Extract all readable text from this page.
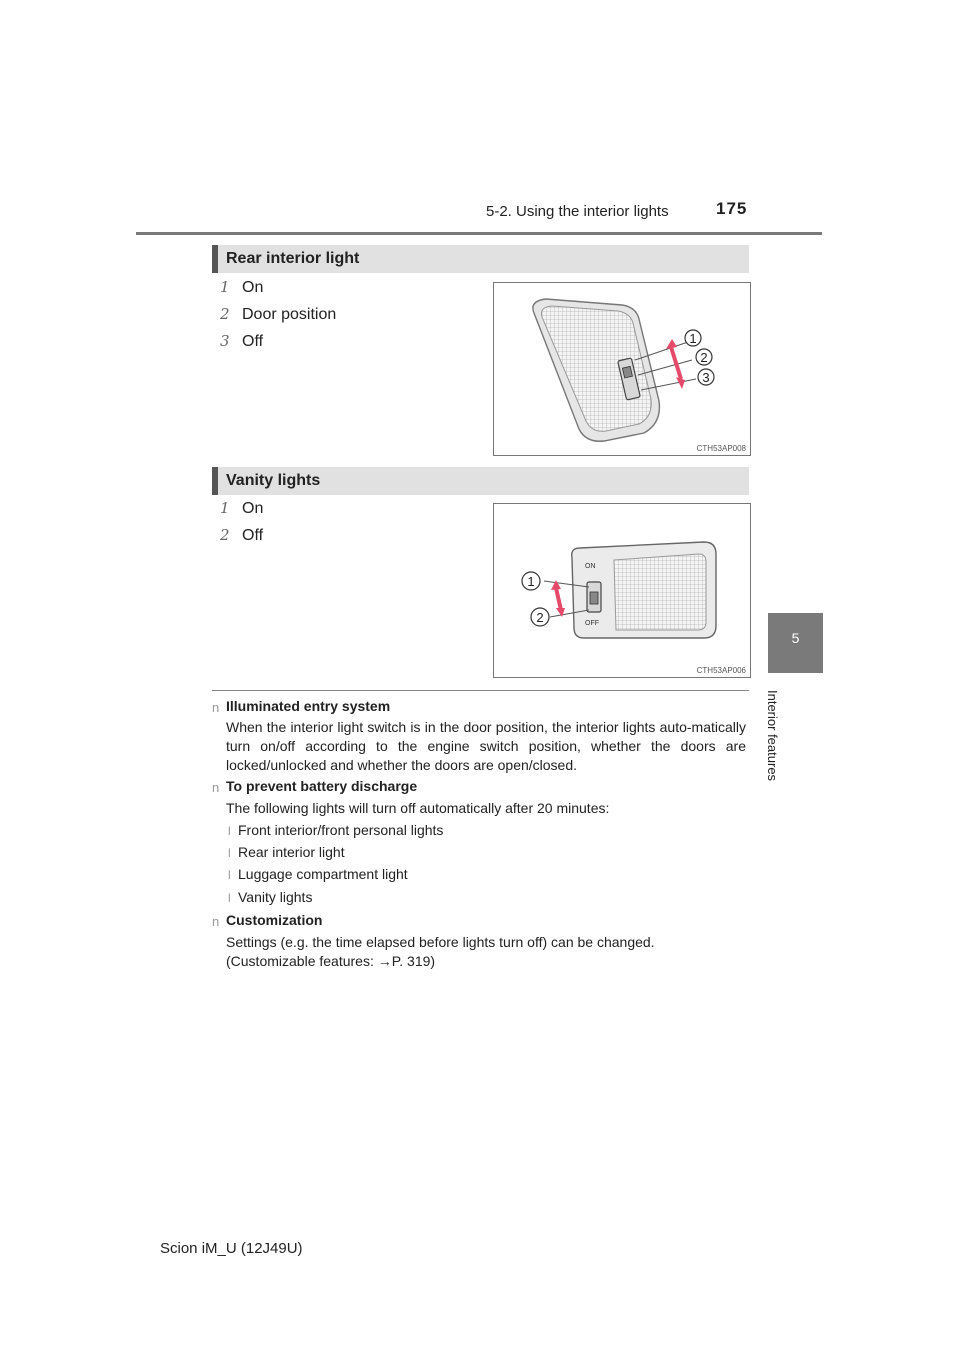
5-2. Using the interior lights	175
5
Interior features
Rear interior light
1 On
2 Door position
3 Off	1
2
3
CTH53AP008
Vanity lights
1 On
2 Off
ON
OFF
1
2
CTH53AP006
n Illuminated entry system
When the interior light switch is in the door position, the interior lights auto-matically turn on/off according to the engine switch position, whether the doors are locked/unlocked and whether the doors are open/closed.
n To prevent battery discharge
The following lights will turn off automatically after 20 minutes:
l Front interior/front personal lights
l Rear interior light
l Luggage compartment light
l Vanity lights
n Customization
Settings (e.g. the time elapsed before lights turn off) can be changed.
(Customizable features: →P. 319)
Scion iM_U (12J49U)
